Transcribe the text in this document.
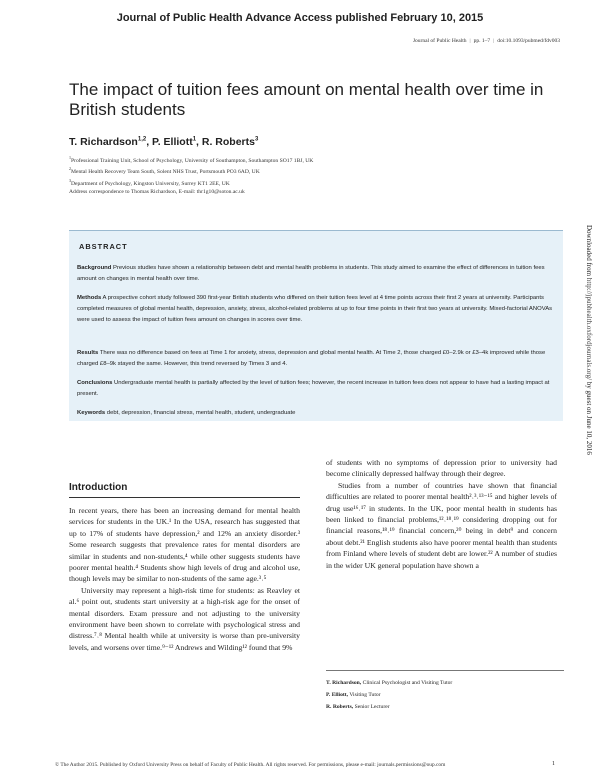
Journal of Public Health Advance Access published February 10, 2015
Journal of Public Health | pp. 1–7 | doi:10.1093/pubmed/fdv003
The impact of tuition fees amount on mental health over time in British students
T. Richardson$^{1,2}$, P. Elliott$^1$, R. Roberts$^3$
$^1$Professional Training Unit, School of Psychology, University of Southampton, Southampton SO17 1BJ, UK
$^2$Mental Health Recovery Team South, Solent NHS Trust, Portsmouth PO3 6AD, UK
$^3$Department of Psychology, Kingston University, Surrey KT1 2EE, UK
Address correspondence to Thomas Richardson, E-mail: thr1g10@soton.ac.uk
ABSTRACT
Background Previous studies have shown a relationship between debt and mental health problems in students. This study aimed to examine the effect of differences in tuition fees amount on changes in mental health over time.
Methods A prospective cohort study followed 390 first-year British students who differed on their tuition fees level at 4 time points across their first 2 years at university. Participants completed measures of global mental health, depression, anxiety, stress, alcohol-related problems at up to four time points in their first two years at university. Mixed-factorial ANOVAs were used to assess the impact of tuition fees amount on changes in scores over time.
Results There was no difference based on fees at Time 1 for anxiety, stress, depression and global mental health. At Time 2, those charged £0–2.9k or £3–4k improved while those charged £8–9k stayed the same. However, this trend reversed by Times 3 and 4.
Conclusions Undergraduate mental health is partially affected by the level of tuition fees; however, the recent increase in tuition fees does not appear to have had a lasting impact at present.
Keywords debt, depression, financial stress, mental health, student, undergraduate
Downloaded from http://jpubhealth.oxfordjournals.org/ by guest on June 10, 2016
Introduction

In recent years, there has been an increasing demand for mental health services for students in the UK.¹ In the USA, research has suggested that up to 17% of students have depression,² and 12% an anxiety disorder.³ Some research suggests that prevalence rates for mental disorders are similar in students and non-students,⁴ while other suggests students have poorer mental health.⁴ Students show high levels of drug and alcohol use, though levels may be similar to non-students of the same age.³˒⁵

University may represent a high-risk time for students: as Reavley et al.⁶ point out, students start university at a high-risk age for the onset of mental disorders. Exam pressure and not adjusting to the university environment have been shown to correlate with psychological stress and distress.⁷˒⁸ Mental health while at university is worse than pre-university levels, and worsens over time.⁹⁻¹² Andrews and Wilding¹² found that 9%

of students with no symptoms of depression prior to university had become clinically depressed halfway through their degree.

Studies from a number of countries have shown that financial difficulties are related to poorer mental health²˒³˒¹³⁻¹⁵ and higher levels of drug use¹⁶˒¹⁷ in students. In the UK, poor mental health in students has been linked to financial problems,¹²˒¹⁸˒¹⁹ considering dropping out for financial reasons,¹⁸˒¹⁹ financial concern,²⁰ being in debt⁹ and concern about debt.²¹ English students also have poorer mental health than students from Finland where levels of student debt are lower.²² A number of studies in the wider UK general population have shown a

T. Richardson, Clinical Psychologist and Visiting Tutor
P. Elliott, Visiting Tutor
R. Roberts, Senior Lecturer
© The Author 2015. Published by Oxford University Press on behalf of Faculty of Public Health. All rights reserved. For permissions, please e-mail: journals.permissions@oup.com	1
